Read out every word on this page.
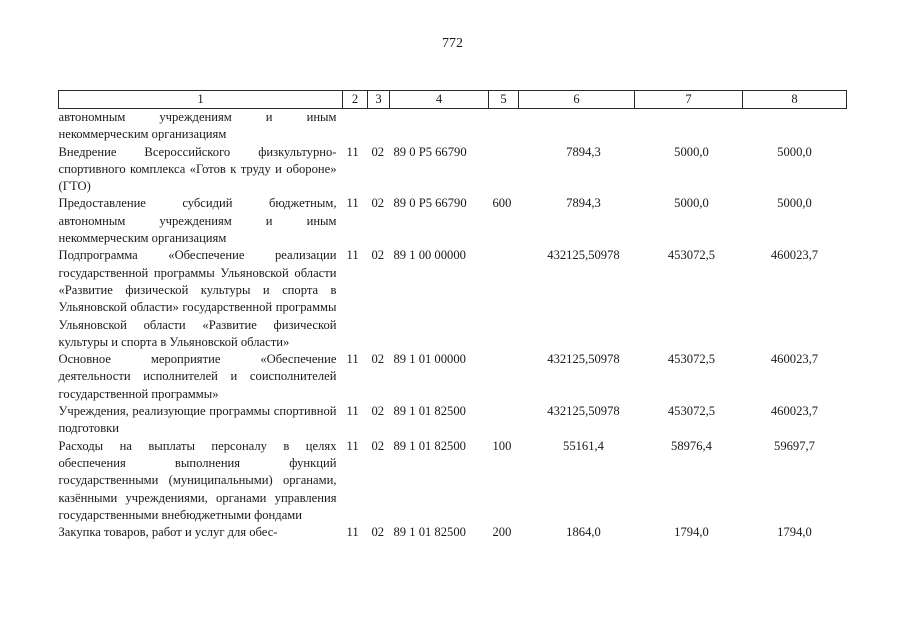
772
1	2	3	4	5	6	7	8
автономным учреждениям и иным некоммерческим организациям							
Внедрение Всероссийского физкультурно-спортивного комплекса «Готов к труду и обороне» (ГТО)	11	02	89 0 P5 66790		7894,3	5000,0	5000,0
Предоставление субсидий бюджетным, автономным учреждениям и иным некоммерческим организациям	11	02	89 0 P5 66790	600	7894,3	5000,0	5000,0
Подпрограмма «Обеспечение реализации государственной программы Ульяновской области «Развитие физической культуры и спорта в Ульяновской области» государственной программы Ульяновской области «Развитие физической культуры и спорта в Ульяновской области»	11	02	89 1 00 00000		432125,50978	453072,5	460023,7
Основное мероприятие «Обеспечение деятельности исполнителей и соисполнителей государственной программы»	11	02	89 1 01 00000		432125,50978	453072,5	460023,7
Учреждения, реализующие программы спортивной подготовки	11	02	89 1 01 82500		432125,50978	453072,5	460023,7
Расходы на выплаты персоналу в целях обеспечения выполнения функций государственными (муниципальными) органами, казёнными учреждениями, органами управления государственными внебюджетными фондами	11	02	89 1 01 82500	100	55161,4	58976,4	59697,7
Закупка товаров, работ и услуг для обес-	11	02	89 1 01 82500	200	1864,0	1794,0	1794,0
